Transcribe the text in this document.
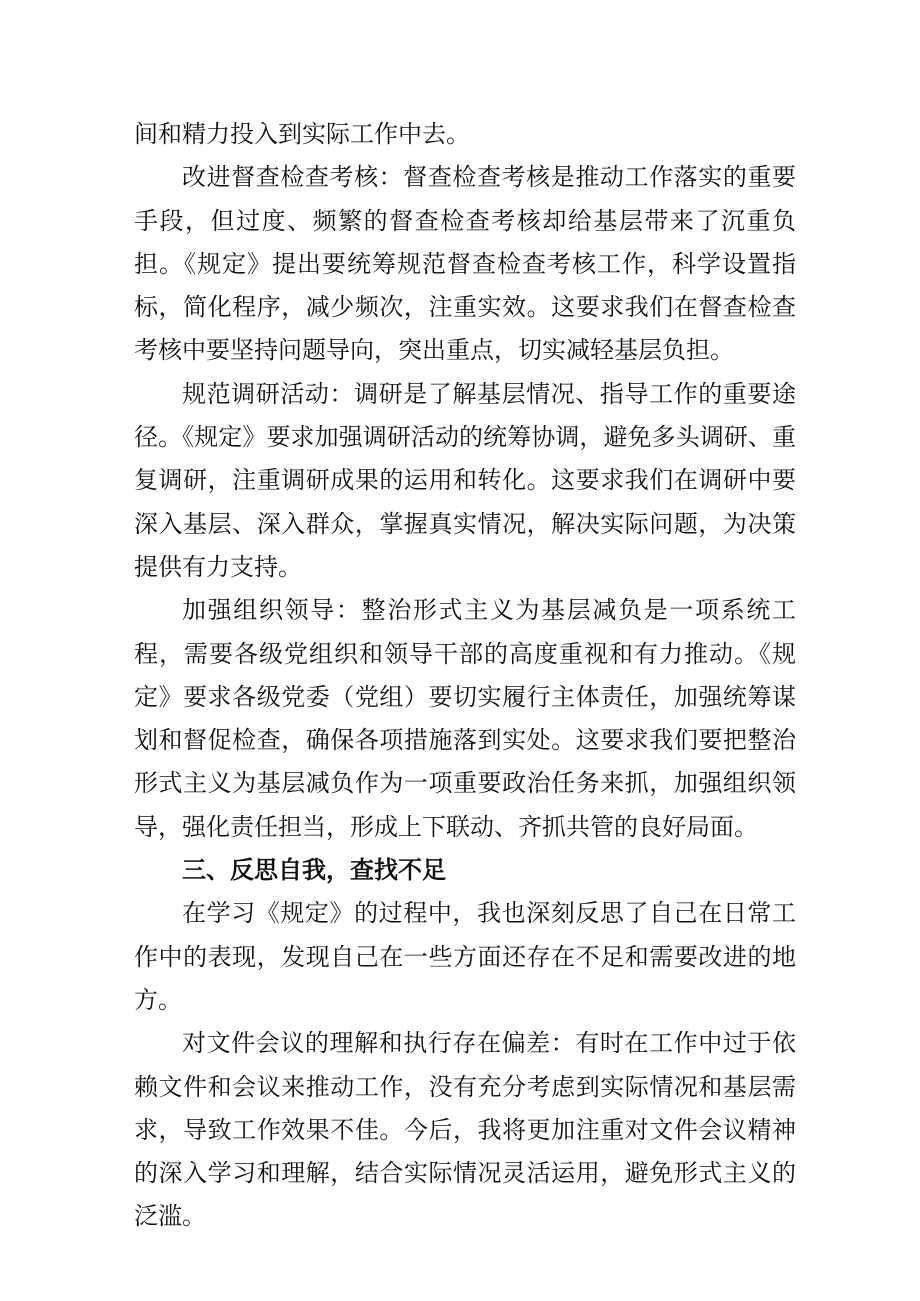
间和精力投入到实际工作中去。

改进督查检查考核：督查检查考核是推动工作落实的重要手段，但过度、频繁的督查检查考核却给基层带来了沉重负担。《规定》提出要统筹规范督查检查考核工作，科学设置指标，简化程序，减少频次，注重实效。这要求我们在督查检查考核中要坚持问题导向，突出重点，切实减轻基层负担。

规范调研活动：调研是了解基层情况、指导工作的重要途径。《规定》要求加强调研活动的统筹协调，避免多头调研、重复调研，注重调研成果的运用和转化。这要求我们在调研中要深入基层、深入群众，掌握真实情况，解决实际问题，为决策提供有力支持。

加强组织领导：整治形式主义为基层减负是一项系统工程，需要各级党组织和领导干部的高度重视和有力推动。《规定》要求各级党委（党组）要切实履行主体责任，加强统筹谋划和督促检查，确保各项措施落到实处。这要求我们要把整治形式主义为基层减负作为一项重要政治任务来抓，加强组织领导，强化责任担当，形成上下联动、齐抓共管的良好局面。

三、反思自我，查找不足

在学习《规定》的过程中，我也深刻反思了自己在日常工作中的表现，发现自己在一些方面还存在不足和需要改进的地方。

对文件会议的理解和执行存在偏差：有时在工作中过于依赖文件和会议来推动工作，没有充分考虑到实际情况和基层需求，导致工作效果不佳。今后，我将更加注重对文件会议精神的深入学习和理解，结合实际情况灵活运用，避免形式主义的泛滥。
